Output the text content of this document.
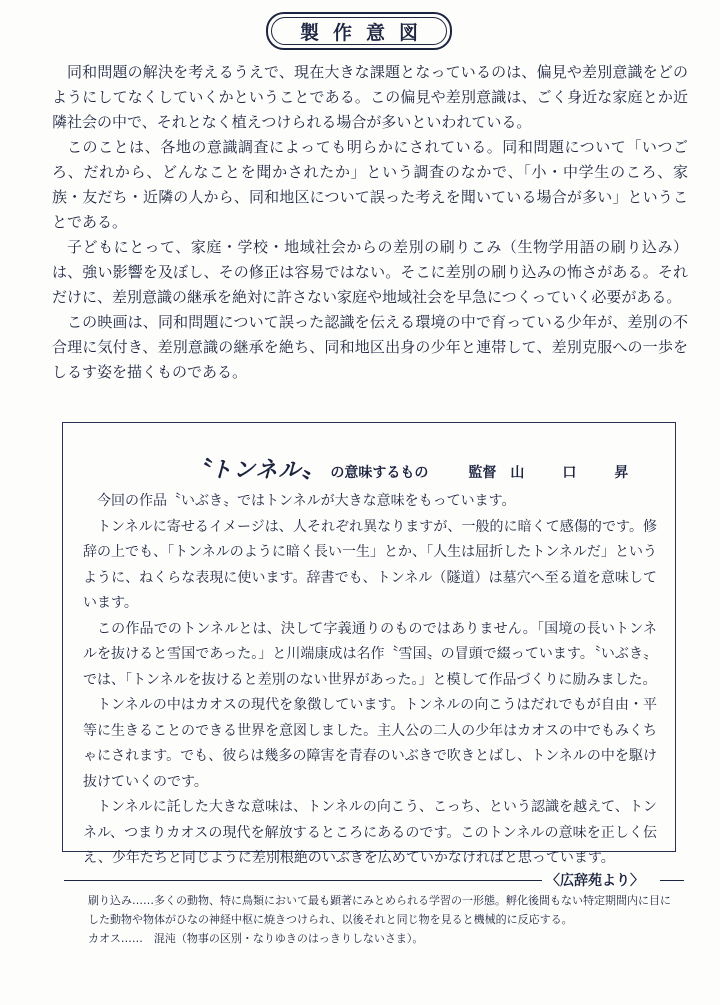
製作意図

同和問題の解決を考えるうえで、現在大きな課題となっているのは、偏見や差別意識をどのようにしてなくしていくかということである。この偏見や差別意識は、ごく身近な家庭とか近隣社会の中で、それとなく植えつけられる場合が多いといわれている。

このことは、各地の意識調査によっても明らかにされている。同和問題について「いつごろ、だれから、どんなことを聞かされたか」という調査のなかで、「小・中学生のころ、家族・友だち・近隣の人から、同和地区について誤った考えを聞いている場合が多い」ということである。

子どもにとって、家庭・学校・地域社会からの差別の刷りこみ（生物学用語の刷り込み）は、強い影響を及ぼし、その修正は容易ではない。そこに差別の刷り込みの怖さがある。それだけに、差別意識の継承を絶対に許さない家庭や地域社会を早急につくっていく必要がある。

この映画は、同和問題について誤った認識を伝える環境の中で育っている少年が、差別の不合理に気付き、差別意識の継承を絶ち、同和地区出身の少年と連帯して、差別克服への一歩をしるす姿を描くものである。

〝トンネル〟 の意味するもの	監督 山口昇

今回の作品〝いぶき〟ではトンネルが大きな意味をもっています。

トンネルに寄せるイメージは、人それぞれ異なりますが、一般的に暗くて感傷的です。修辞の上でも、「トンネルのように暗く長い一生」とか、「人生は屈折したトンネルだ」というように、ねくらな表現に使います。辞書でも、トンネル（隧道）は墓穴へ至る道を意味しています。

この作品でのトンネルとは、決して字義通りのものではありません。「国境の長いトンネルを抜けると雪国であった。」と川端康成は名作〝雪国〟の冒頭で綴っています。〝いぶき〟では、「トンネルを抜けると差別のない世界があった。」と模して作品づくりに励みました。

トンネルの中はカオスの現代を象徴しています。トンネルの向こうはだれでもが自由・平等に生きることのできる世界を意図しました。主人公の二人の少年はカオスの中でもみくちゃにされます。でも、彼らは幾多の障害を青春のいぶきで吹きとばし、トンネルの中を駆け抜けていくのです。

トンネルに託した大きな意味は、トンネルの向こう、こっち、という認識を越えて、トンネル、つまりカオスの現代を解放するところにあるのです。このトンネルの意味を正しく伝え、少年たちと同じように差別根絶のいぶきを広めていかなければと思っています。

〈広辞苑より〉

刷り込み……多くの動物、特に鳥類において最も顕著にみとめられる学習の一形態。孵化後間もない特定期間内に目にした動物や物体がひなの神経中枢に焼きつけられ、以後それと同じ物を見ると機械的に反応する。

カオス……　混沌（物事の区別・なりゆきのはっきりしないさま）。
